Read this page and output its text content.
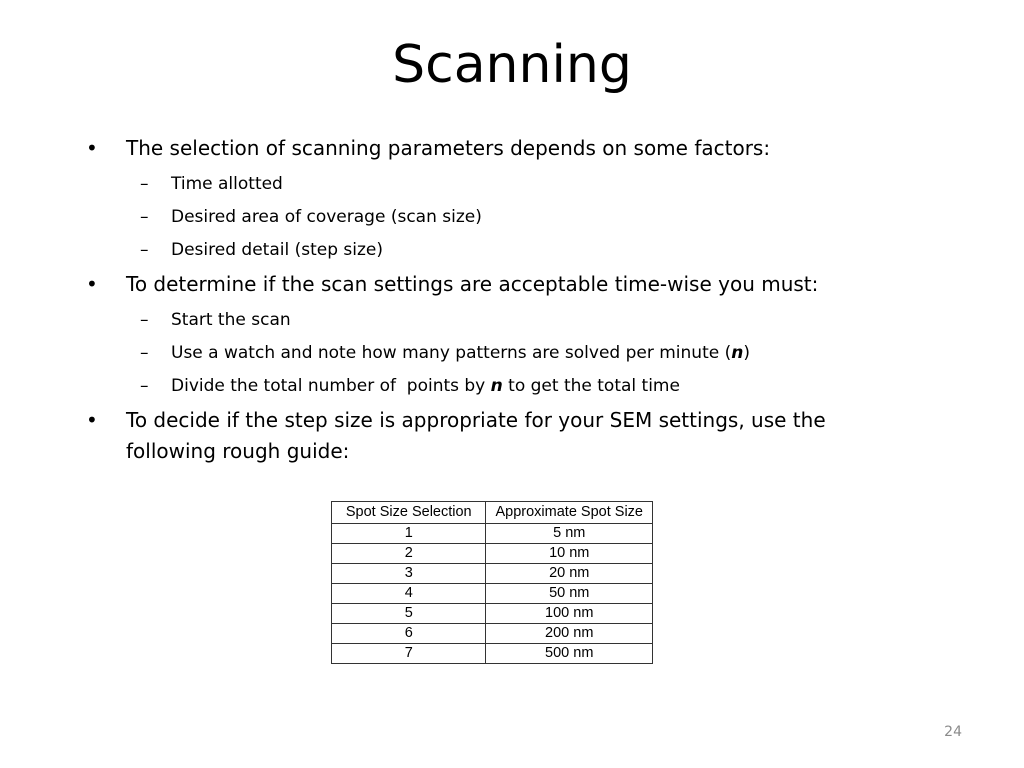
Scanning
•	The selection of scanning parameters depends on some factors:
– Time allotted
– Desired area of coverage (scan size)
– Desired detail (step size)
•	To determine if the scan settings are acceptable time-wise you must:
– Start the scan
– Use a watch and note how many patterns are solved per minute (n)
– Divide the total number of  points by n to get the total time
•	To decide if the step size is appropriate for your SEM settings, use the following rough guide:
Spot Size Selection	Approximate Spot Size
1	5 nm
2	10 nm
3	20 nm
4	50 nm
5	100 nm
6	200 nm
7	500 nm
24
